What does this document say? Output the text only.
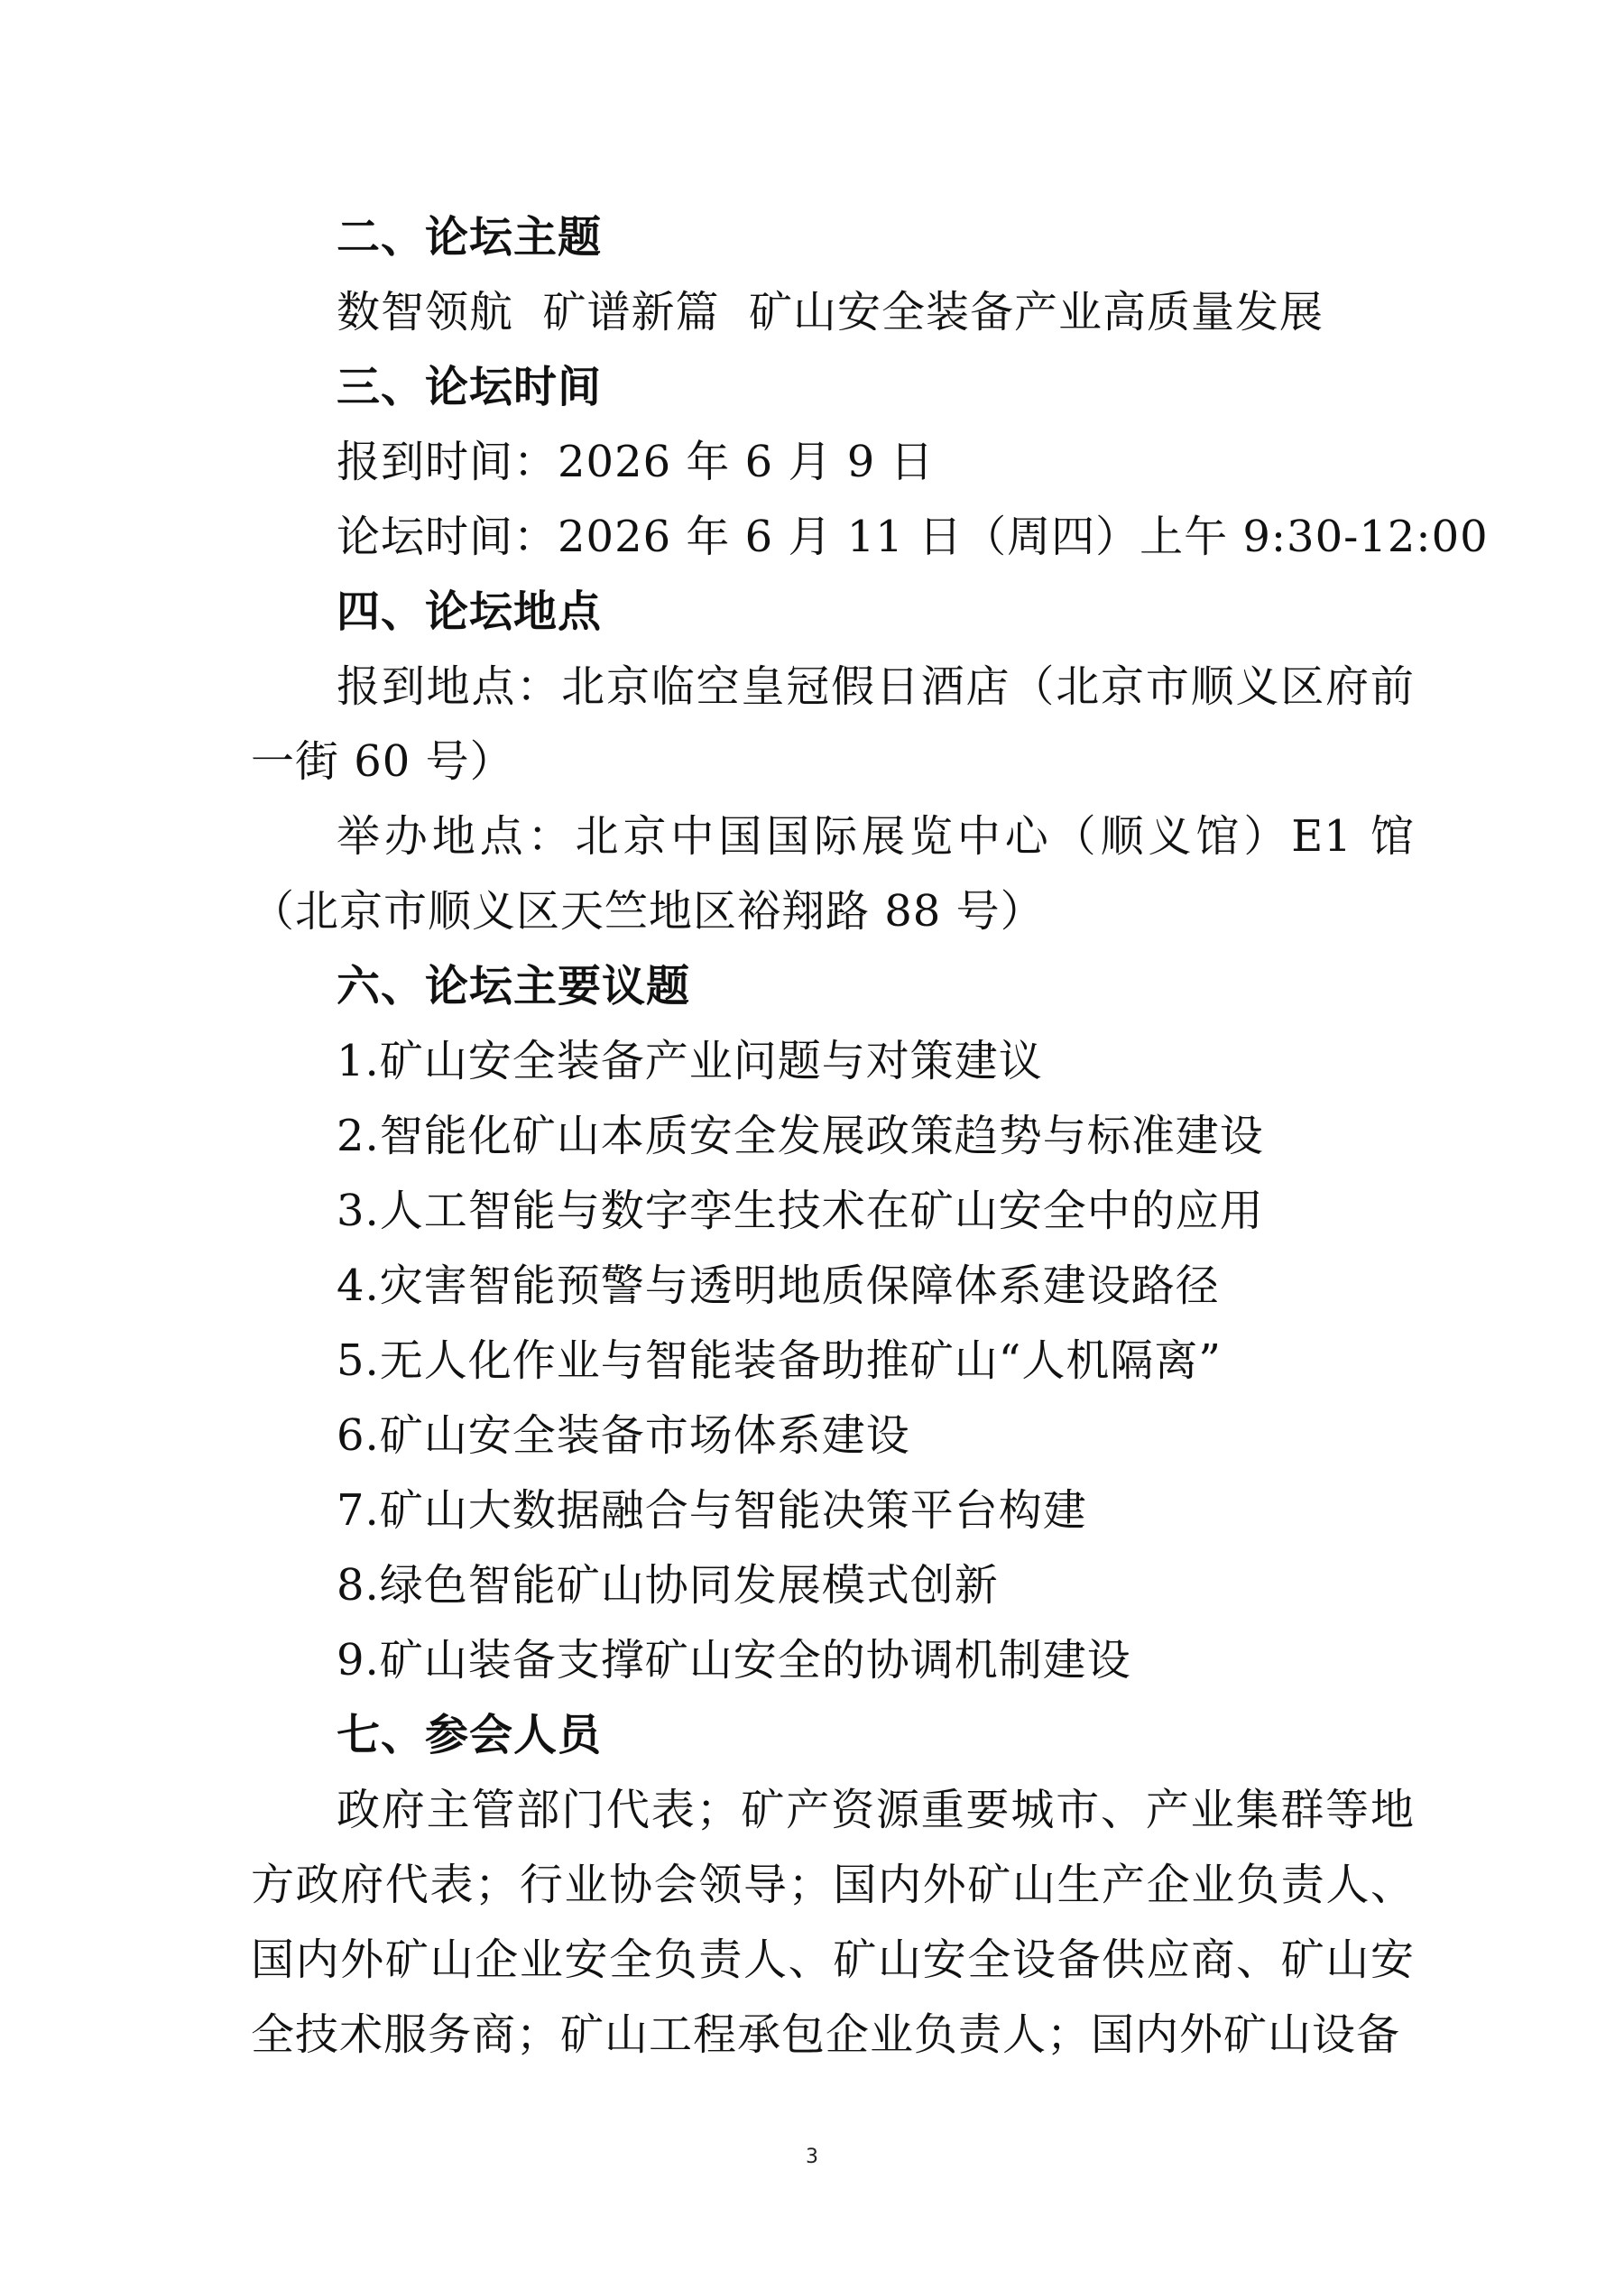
二、论坛主题
数智领航  矿谱新篇  矿山安全装备产业高质量发展
三、论坛时间
报到时间：2026 年 6 月 9 日
论坛时间：2026 年 6 月 11 日（周四）上午 9:30-12:00
四、论坛地点
报到地点：北京临空皇冠假日酒店（北京市顺义区府前一街 60 号）
举办地点：北京中国国际展览中心（顺义馆）E1 馆（北京市顺义区天竺地区裕翔路 88 号）
六、论坛主要议题
1.矿山安全装备产业问题与对策建议
2.智能化矿山本质安全发展政策趋势与标准建设
3.人工智能与数字孪生技术在矿山安全中的应用
4.灾害智能预警与透明地质保障体系建设路径
5.无人化作业与智能装备助推矿山“人机隔离”
6.矿山安全装备市场体系建设
7.矿山大数据融合与智能决策平台构建
8.绿色智能矿山协同发展模式创新
9.矿山装备支撑矿山安全的协调机制建设
七、参会人员
政府主管部门代表；矿产资源重要城市、产业集群等地方政府代表；行业协会领导；国内外矿山生产企业负责人、国内外矿山企业安全负责人、矿山安全设备供应商、矿山安全技术服务商；矿山工程承包企业负责人；国内外矿山设备
3
